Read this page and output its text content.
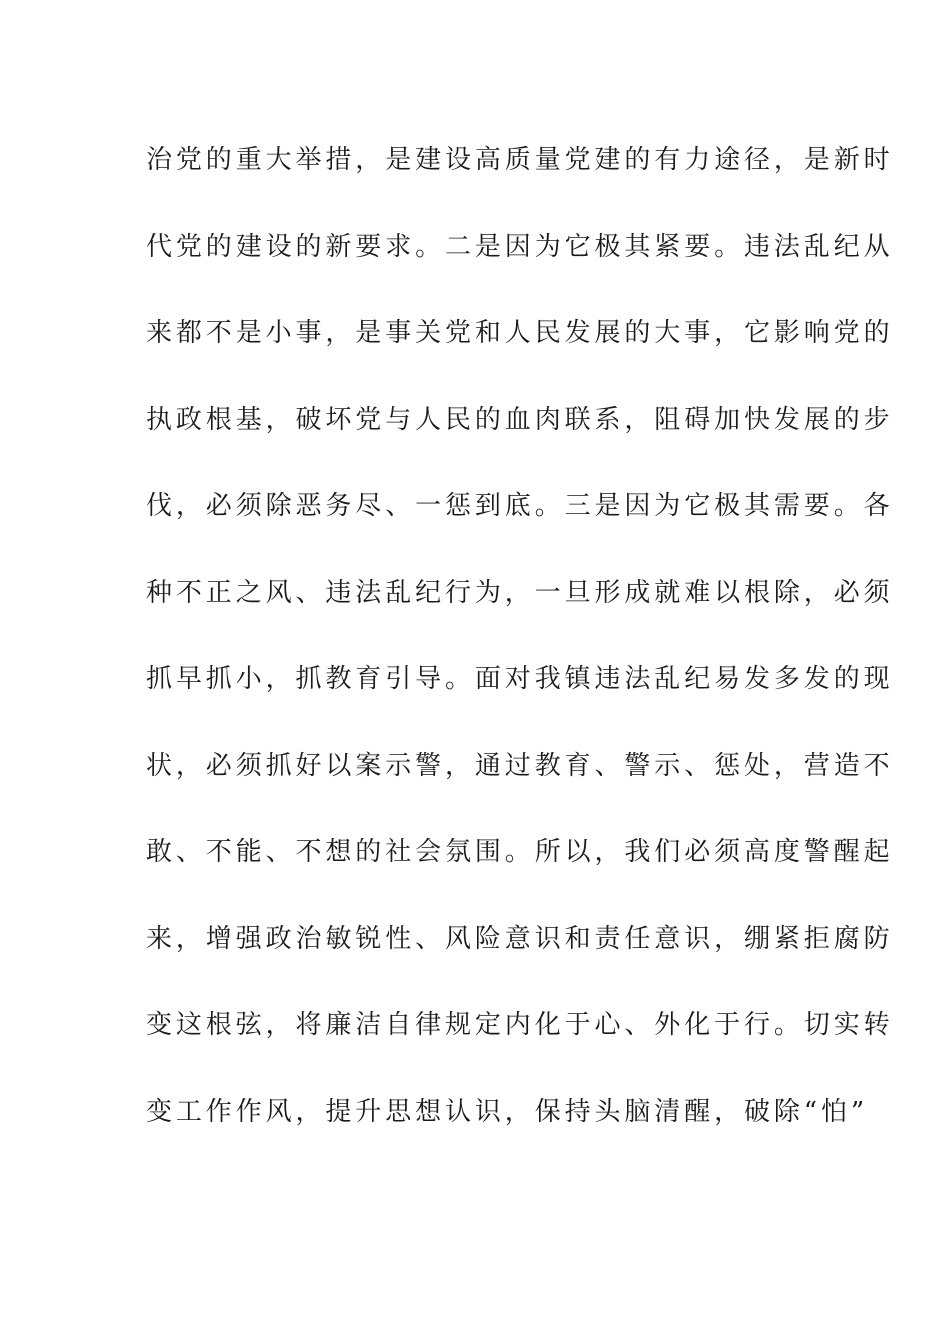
治党的重大举措，是建设高质量党建的有力途径，是新时
代党的建设的新要求。二是因为它极其紧要。违法乱纪从
来都不是小事，是事关党和人民发展的大事，它影响党的
执政根基，破坏党与人民的血肉联系，阻碍加快发展的步
伐，必须除恶务尽、一惩到底。三是因为它极其需要。各
种不正之风、违法乱纪行为，一旦形成就难以根除，必须
抓早抓小，抓教育引导。面对我镇违法乱纪易发多发的现
状，必须抓好以案示警，通过教育、警示、惩处，营造不
敢、不能、不想的社会氛围。所以，我们必须高度警醒起
来，增强政治敏锐性、风险意识和责任意识，绷紧拒腐防
变这根弦，将廉洁自律规定内化于心、外化于行。切实转
变工作作风，提升思想认识，保持头脑清醒，破除“怕”
